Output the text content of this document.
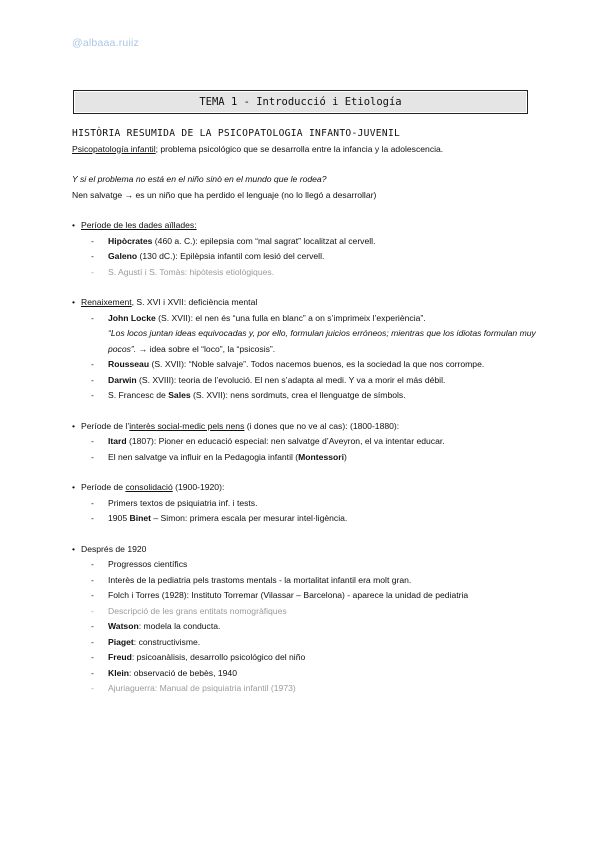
@albaaa.ruiiz
TEMA 1 - Introducció i Etiología

HISTÒRIA RESUMIDA DE LA PSICOPATOLOGIA INFANTO-JUVENIL

Psicopatología infantil; problema psicológico que se desarrolla entre la infancia y la adolescencia.

Y si el problema no está en el niño sinò en el mundo que le rodea?

Nen salvatge → es un niño que ha perdido el lenguaje (no lo llegó a desarrollar)

• Període de les dades aïllades:
-	Hipòcrates (460 a. C.): epilepsia com “mal sagrat” localitzat al cervell.
-	Galeno (130 dC.): Epilèpsia infantil com lesió del cervell.
-	S. Agustí i S. Tomàs: hipòtesis etiològiques.
• Renaixement, S. XVI i XVII: deficiència mental
-	John Locke (S. XVII): el nen és “una fulla en blanc” a on s’imprimeix l’experiència”.
“Los locos juntan ideas equivocadas y, por ello, formulan juicios erróneos; mientras que los idiotas formulan muy pocos”. → idea sobre el “loco”, la “psicosis”.
-	Rousseau (S. XVII): “Noble salvaje”. Todos nacemos buenos, es la sociedad la que nos corrompe.
-	Darwin (S. XVIII): teoria de l’evolució. El nen s’adapta al medi. Y va a morir el más débil.
-	S. Francesc de Sales (S. XVII): nens sordmuts, crea el llenguatge de símbols.
• Període de l’interès social-medic pels nens (i dones que no ve al cas): (1800-1880):
-	Itard (1807): Pioner en educació especial: nen salvatge d’Aveyron, el va intentar educar.
-	El nen salvatge va influir en la Pedagogia infantil (Montessori)
• Període de consolidació (1900-1920):
-	Primers textos de psiquiatria inf. i tests.
-	1905 Binet – Simon: primera escala per mesurar intel·ligència.
• Després de 1920
-	Progressos científics
-	Interès de la pediatria pels trastoms mentals - la mortalitat infantil era molt gran.
-	Folch i Torres (1928): Instituto Torremar (Vilassar – Barcelona) - aparece la unidad de pediatria
-	Descripció de les grans entitats nomogràfiques
-	Watson: modela la conducta.
-	Piaget: constructivisme.
-	Freud: psicoanàlisis, desarrollo psicológico del niño
-	Klein: observació de bebès, 1940
-	Ajuriaguerra: Manual de psiquiatria infantil (1973)
